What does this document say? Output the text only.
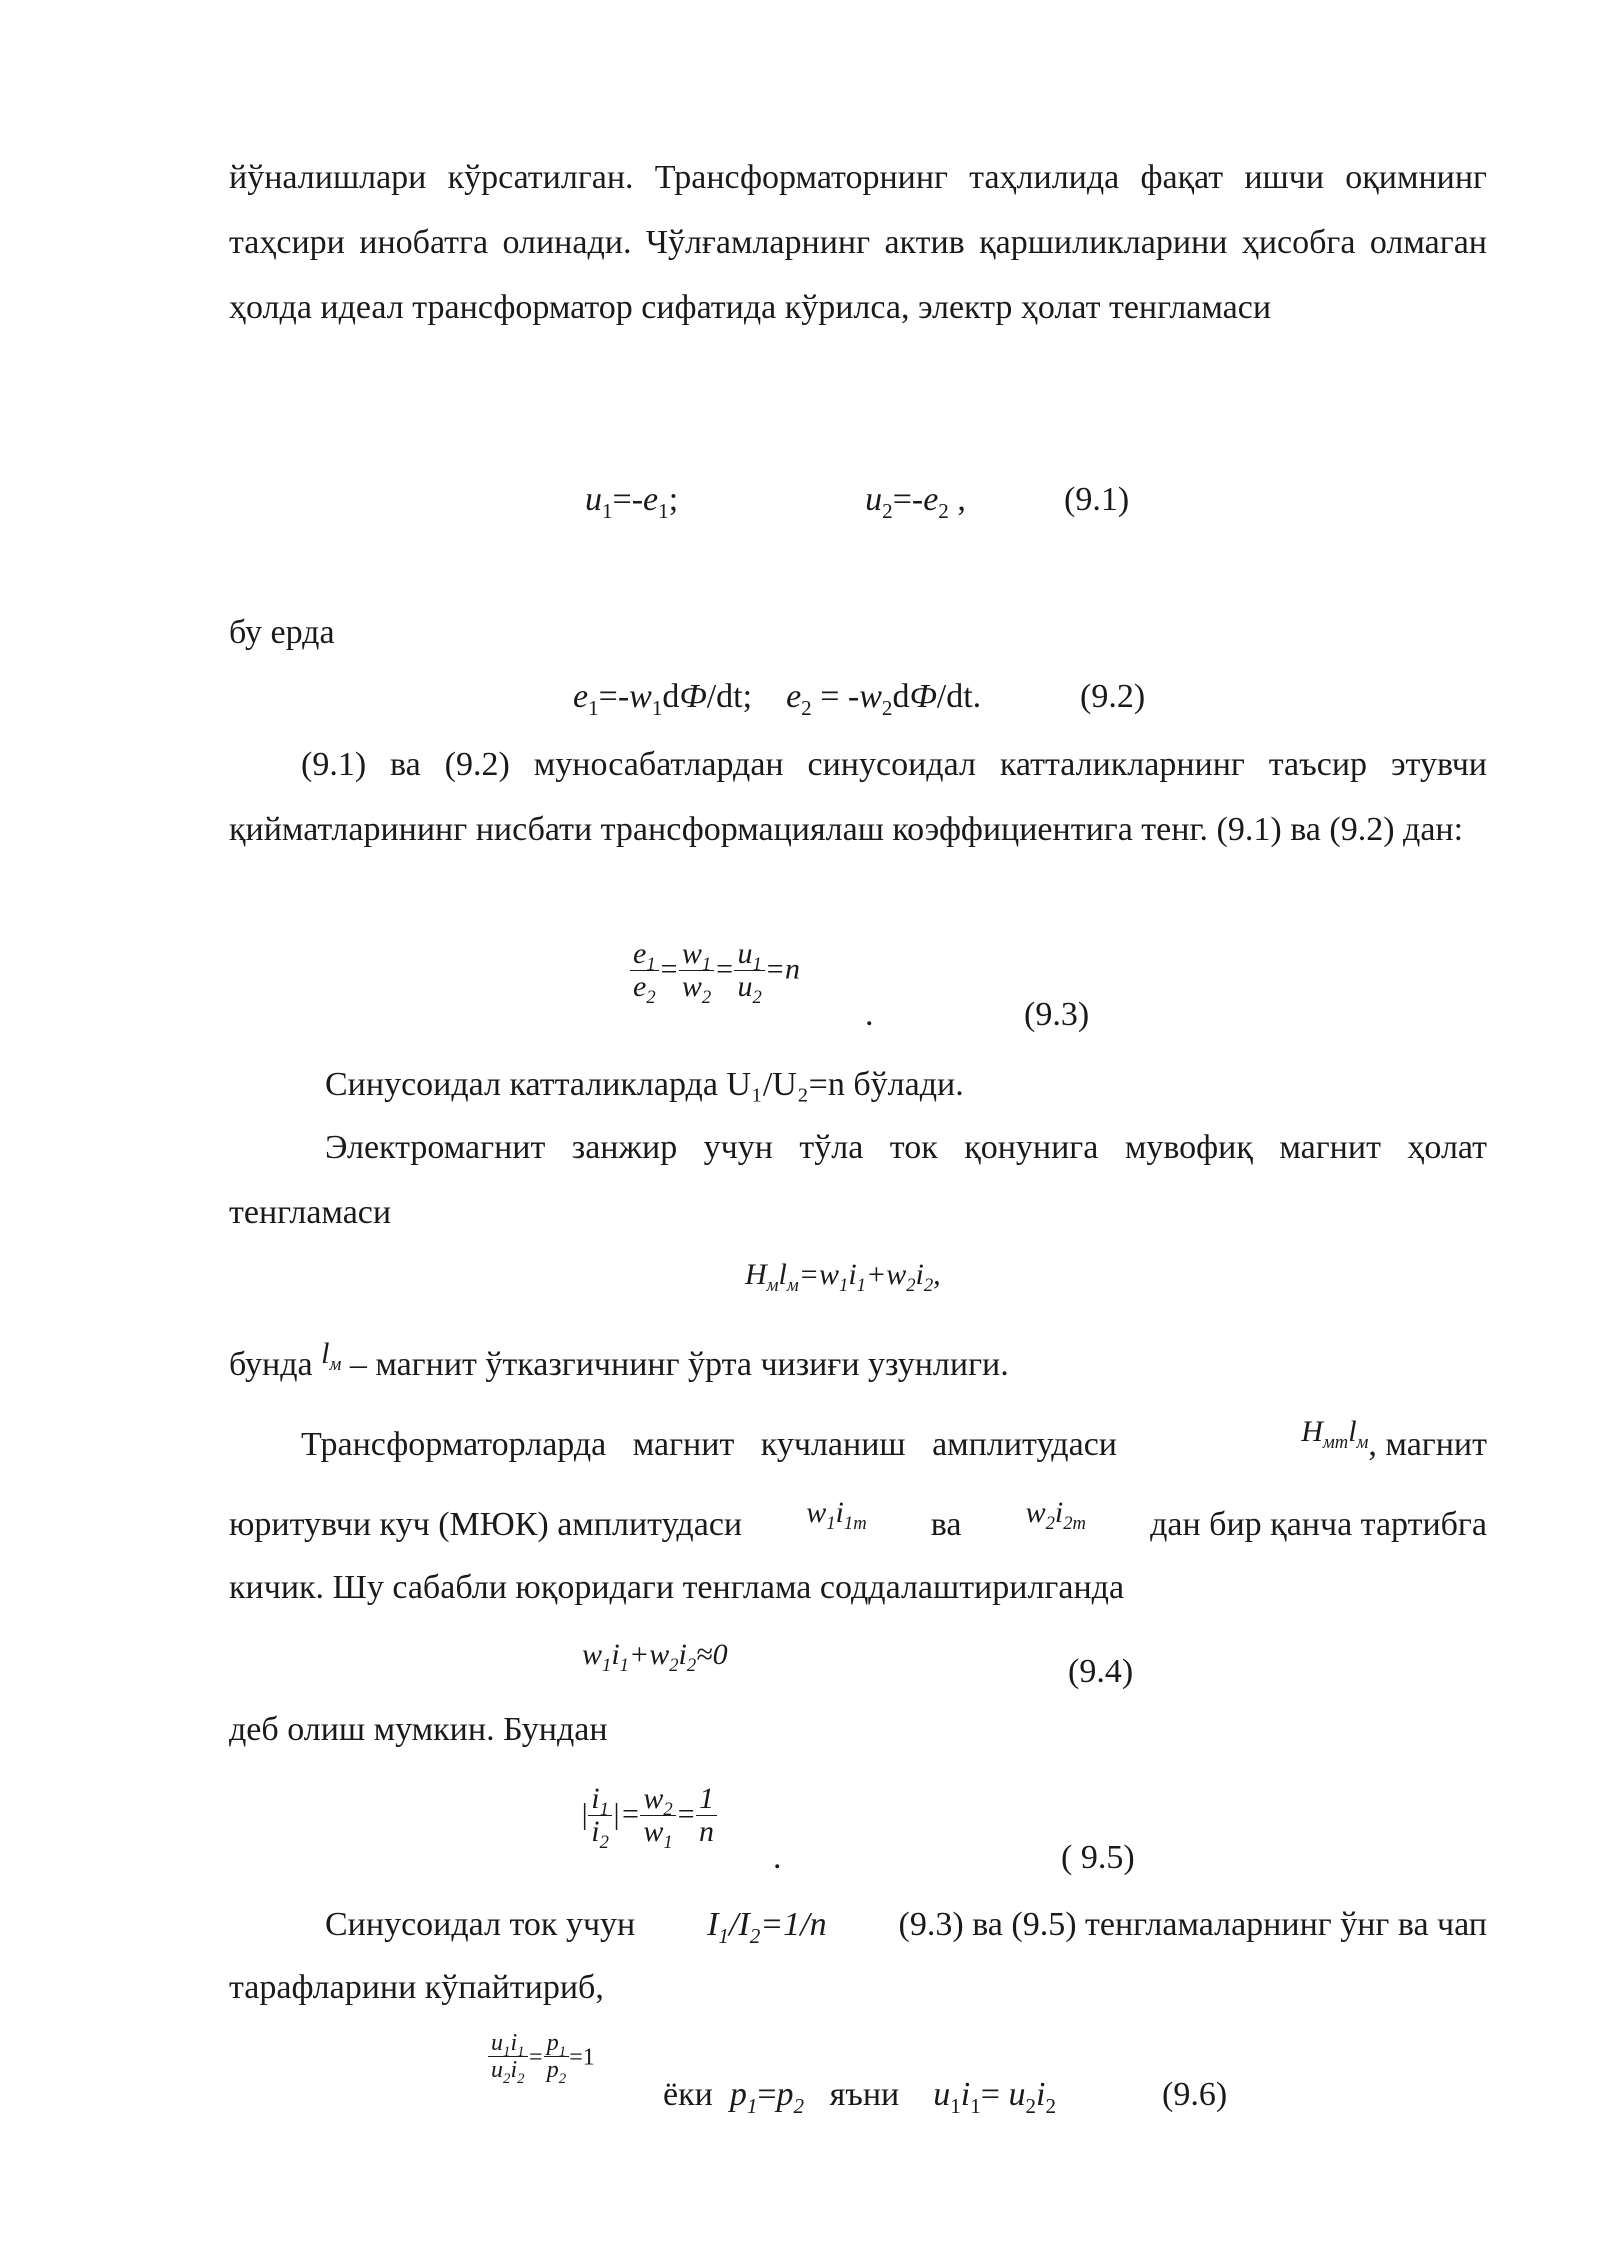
йўналишлари кўрсатилган. Трансформаторнинг таҳлилида фақат ишчи оқимнинг таҳсири инобатга олинади. Чўлғамларнинг актив қаршиликларини ҳисобга олмаган ҳолда идеал трансформатор сифатида кўрилса, электр ҳолат тенгламаси
$u_1=-e_1$;	$u_2=-e_2$ ,	(9.1)
бу ерда
$e_1=-w_1dФ/dt$;    $e_2 = -w_2dФ/dt$.	(9.2)
(9.1) ва (9.2) муносабатлардан синусоидал катталикларнинг таъсир этувчи қийматларининг нисбати трансформациялаш коэффициентига тенг. (9.1) ва (9.2) дан:
$\frac{e_1}{e_2} = \frac{w_1}{w_2} = \frac{u_1}{u_2} =n$
.	(9.3)
Синусоидал катталикларда U₁/U₂=n бўлади.
Электромагнит занжир учун тўла ток қонунига мувофиқ магнит ҳолат тенгламаси
$H_мl_м=w_1i_1+w_2i_2$,
бунда $l_м$ – магнит ўтказгичнинг ўрта чизиғи узунлиги.
Трансформаторларда магнит кучланиш амплитудаси	$H_{мт}l_м$, магнит
юритувчи куч (МЮК) амплитудаси $w_1i_{1m}$ ва $w_2i_{2m}$ дан бир қанча тартибга
кичик. Шу сабабли юқоридаги тенглама соддалаштирилганда
$w_1i_1+w_2i_2\approx 0$	(9.4)
деб олиш мумкин. Бундан
| $\frac{i_1}{i_2}$ |= $\frac{w_2}{w_1} = \frac{1}{n}$
.	( 9.5)
Синусоидал ток учун $I_1/I_2=1/n$ (9.3) ва (9.5) тенгламаларнинг ўнг ва чап
тарафларини кўпайтириб,
$\frac{u_1i_1}{u_2i_2} = \frac{p_1}{p_2} =1$
ёки $p_1=p_2$ яъни $u_1i_1= u_2i_2$	(9.6)
